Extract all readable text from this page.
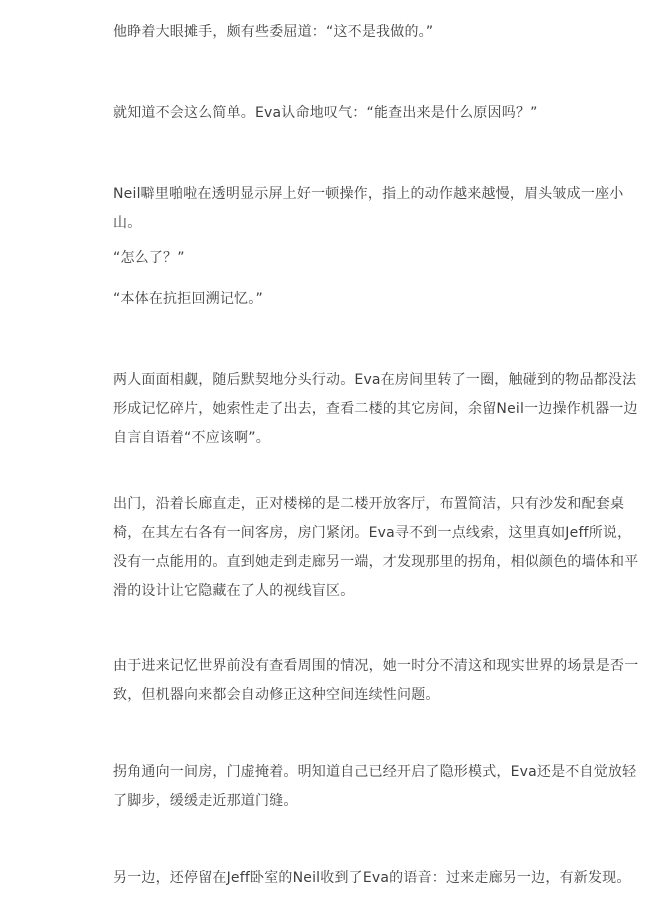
他睁着大眼摊手，颇有些委屈道：“这不是我做的。”

就知道不会这么简单。Eva认命地叹气：“能查出来是什么原因吗？”

Neil噼里啪啦在透明显示屏上好一顿操作，指上的动作越来越慢，眉头皱成一座小山。

“怎么了？”

“本体在抗拒回溯记忆。”

两人面面相觑，随后默契地分头行动。Eva在房间里转了一圈，触碰到的物品都没法形成记忆碎片，她索性走了出去，查看二楼的其它房间，余留Neil一边操作机器一边自言自语着“不应该啊”。

出门，沿着长廊直走，正对楼梯的是二楼开放客厅，布置简洁，只有沙发和配套桌椅，在其左右各有一间客房，房门紧闭。Eva寻不到一点线索，这里真如Jeff所说，没有一点能用的。直到她走到走廊另一端，才发现那里的拐角，相似颜色的墙体和平滑的设计让它隐藏在了人的视线盲区。

由于进来记忆世界前没有查看周围的情况，她一时分不清这和现实世界的场景是否一致，但机器向来都会自动修正这种空间连续性问题。

拐角通向一间房，门虚掩着。明知道自己已经开启了隐形模式，Eva还是不自觉放轻了脚步，缓缓走近那道门缝。

另一边，还停留在Jeff卧室的Neil收到了Eva的语音：过来走廊另一边，有新发现。
